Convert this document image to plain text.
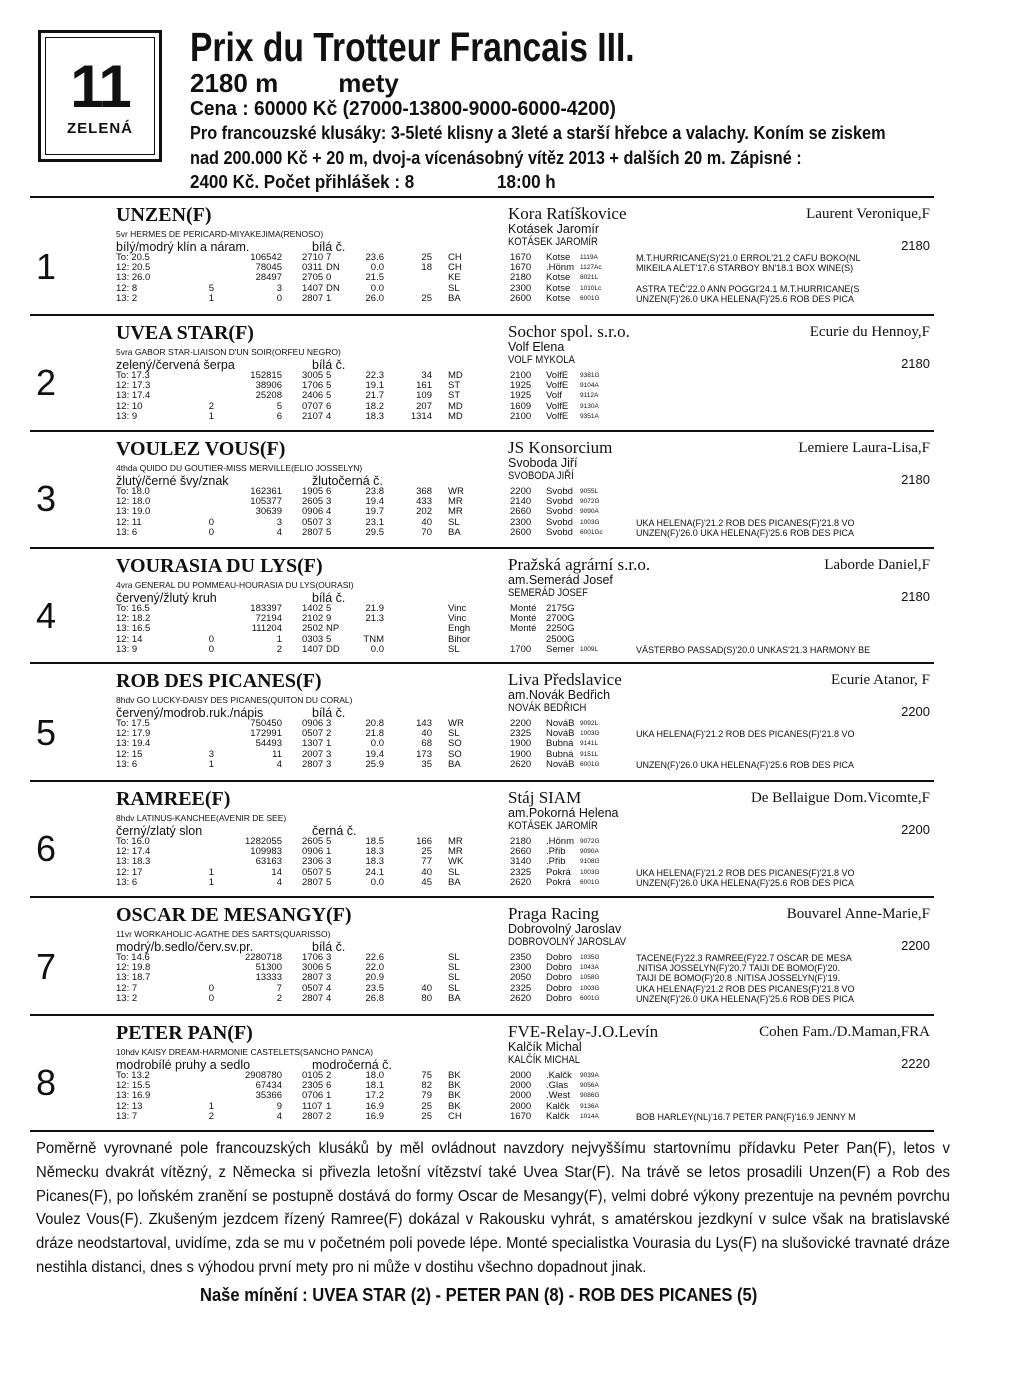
11
ZELENÁ
Prix du Trotteur Francais III.
2180 m mety
Cena : 60000 Kč (27000-13800-9000-6000-4200)
Pro francouzské klusáky: 3-5leté klisny a 3leté a starší hřebce a valachy. Koním se ziskem
nad 200.000 Kč + 20 m, dvoj-a vícenásobný vítěz 2013 + dalších 20 m. Zápisné :
2400 Kč. Počet přihlášek : 8	18:00 h
1
UNZEN(F)
5vr HERMES DE PERICARD-MIYAKEJIMA(RENOSO)
bílý/modrý klín a náram.	bílá č.
Kora Ratíškovice
Kotásek Jaromír
KOTÁSEK JAROMÍR
Laurent Veronique,F
2180
To: 20.5	106542 2710 7	23.6	25 CH	1670 Kotse 1119A	M.T.HURRICANE(S)'21.0 ERROL'21.2 CAFU BOKO(NL
12: 20.5	78045 0311 DN	0.0	18 CH	1670 .Hönm 1127Ac	MIKEILA ALET'17.6 STARBOY BN'18.1 BOX WINE(S)
13: 26.0	28497 2705 0	21.5	KE	2180 Kotse 8021L
12: 8	5	3 1407 DN	0.0	SL	2300 Kotse 1010Lc	ASTRA TEČ'22.0 ANN POGGI'24.1 M.T.HURRICANE(S
13: 2	1	0 2807 1	26.0	25 BA	2600 Kotse 6001G	UNZEN(F)'26.0 UKA HELENA(F)'25.6 ROB DES PICA
2
UVEA STAR(F)
5vra GABOR STAR-LIAISON D'UN SOIR(ORFEU NEGRO)
zelený/červená šerpa	bílá č.
Sochor spol. s.r.o.
Volf Elena
VOLF MYKOLA
Ecurie du Hennoy,F
2180
To: 17.3	152815 3005 5	22.3	34 MD	2100 VolfE 9381G
12: 17.3	38906 1706 5	19.1	161 ST	1925 VolfE 9104A
13: 17.4	25208 2406 5	21.7	109 ST	1925 Volf	9112A
12: 10	2	5 0707 6	18.2	207 MD	1609 VolfE 9130A
13: 9	1	6 2107 4	18.3	1314 MD	2100 VolfE 9351A
3
VOULEZ VOUS(F)
4thda QUIDO DU GOUTIER-MISS MERVILLE(ELIO JOSSELYN)
žlutý/černé švy/znak	žlutočerná č.
JS Konsorcium
Svoboda Jiří
SVOBODA JIŘÍ
Lemiere Laura-Lisa,F
2180
To: 18.0	162361 1905 6	23.8	368 WR	2200 Svobd 9055L
12: 18.0	105377 2605 3	19.4	433 MR	2140 Svobd 9072G
13: 19.0	30639 0906 4	19.7	202 MR	2660 Svobd 9090A
12: 11	0	3 0507 3	23.1	40 SL	2300 Svobd 1003G	UKA HELENA(F)'21.2 ROB DES PICANES(F)'21.8 VO
13: 6	0	4 2807 5	29.5	70 BA	2600 Svobd 6001Gc	UNZEN(F)'26.0 UKA HELENA(F)'25.6 ROB DES PICA
4
VOURASIA DU LYS(F)
4vra GENERAL DU POMMEAU-HOURASIA DU LYS(OURASI)
červený/žlutý kruh	bílá č.
Pražská agrární s.r.o.
am.Semerád Josef
SEMERÁD JOSEF
Laborde Daniel,F
2180
To: 16.5	183397 1402 5	21.9	Vinc	Monté 2175G
12: 18.2	72194 2102 9	21.3	Vinc	Monté 2700G
13: 16.5	111204 2502 NP	Engh	Monté 2250G
12: 14	0	1 0303 5	TNM	Bihor	2500G
13: 9	0	2 1407 DD	0.0	SL	1700 Semer 1009L	VÄSTERBO PASSAD(S)'20.0 UNKAS'21.3 HARMONY BE
5
ROB DES PICANES(F)
8hdv GO LUCKY-DAISY DES PICANES(QUITON DU CORAL)
červený/modrob.ruk./nápis	bílá č.
Liva Předslavice
am.Novák Bedřich
NOVÁK BEDŘICH
Ecurie Atanor, F
2200
To: 17.5	750450 0906 3	20.8	143 WR	2200 NováB 9092L
12: 17.9	172991 0507 2	21.8	40 SL	2325 NováB 1003G	UKA HELENA(F)'21.2 ROB DES PICANES(F)'21.8 VO
13: 19.4	54493 1307 1	0.0	68 SO	1900 Bubná 9141L
12: 15	3	11 2007 3	19.4	173 SO	1900 Bubná 9151L
13: 6	1	4 2807 3	25.9	35 BA	2620 NováB 6001G	UNZEN(F)'26.0 UKA HELENA(F)'25.6 ROB DES PICA
6
RAMREE(F)
8hdv LATINUS-KANCHEE(AVENIR DE SEE)
černý/zlatý slon	černá č.
Stáj SIAM
am.Pokorná Helena
KOTÁSEK JAROMÍR
De Bellaigue Dom.Vicomte,F
2200
To: 16.0	1282055 2605 5	18.5	166 MR	2180 .Hönm 9072G
12: 17.4	109983 0906 1	18.3	25 MR	2660 .Přib 9090A
13: 18.3	63163 2306 3	18.3	77 WK	3140 .Přib 9108G
12: 17	1	14 0507 5	24.1	40 SL	2325 Pokrá 1003G	UKA HELENA(F)'21.2 ROB DES PICANES(F)'21.8 VO
13: 6	1	4 2807 5	0.0	45 BA	2620 Pokrá 6001G	UNZEN(F)'26.0 UKA HELENA(F)'25.6 ROB DES PICA
7
OSCAR DE MESANGY(F)
11vr WORKAHOLIC-AGATHE DES SARTS(QUARISSO)
modrý/b.sedlo/červ.sv.pr.	bílá č.
Praga Racing
Dobrovolný Jaroslav
DOBROVOLNÝ JAROSLAV
Bouvarel Anne-Marie,F
2200
To: 14.6	2280718 1706 3	22.6	SL	2350 Dobro 1035G	TACENE(F)'22.3 RAMREE(F)'22.7 OSCAR DE MESA
12: 19.8	51300 3006 5	22.0	SL	2300 Dobro 1043A	.NITISA JOSSELYN(F)'20.7 TAIJI DE BOMO(F)'20.
13: 18.7	13333 2807 3	20.9	SL	2050 Dobro 1058G	TAIJI DE BOMO(F)'20.8 .NITISA JOSSELYN(F)'19.
12: 7	0	7 0507 4	23.5	40 SL	2325 Dobro 1003G	UKA HELENA(F)'21.2 ROB DES PICANES(F)'21.8 VO
13: 2	0	2 2807 4	26.8	80 BA	2620 Dobro 6001G	UNZEN(F)'26.0 UKA HELENA(F)'25.6 ROB DES PICA
8
PETER PAN(F)
10hdv KAISY DREAM-HARMONIE CASTELETS(SANCHO PANCA)
modrobílé pruhy a sedlo	modročerná č.
FVE-Relay-J.O.Levín
Kalčík Michal
KALČÍK MICHAL
Cohen Fam./D.Maman,FRA
2220
To: 13.2	2908780 0105 2	18.0	75 BK	2000 .Kalčk 9039A
12: 15.5	67434 2305 6	18.1	82 BK	2000 .Glas 9056A
13: 16.9	35366 0706 1	17.2	79 BK	2000 .West 9086G
12: 13	1	9 1107 1	16.9	25 BK	2000 Kalčk 9136A
13: 7	2	4 2807 2	16.9	25 CH	1670 Kalčk 1014A	BOB HARLEY(NL)'16.7 PETER PAN(F)'16.9 JENNY M
Poměrně vyrovnané pole francouzských klusáků by měl ovládnout navzdory nejvyššímu startovnímu přídavku Peter Pan(F), letos v Německu dvakrát vítězný, z Německa si přivezla letošní vítězství také Uvea Star(F). Na trávě se letos prosadili Unzen(F) a Rob des Picanes(F), po loňském zranění se postupně dostává do formy Oscar de Mesangy(F), velmi dobré výkony prezentuje na pevném povrchu Voulez Vous(F). Zkušeným jezdcem řízený Ramree(F) dokázal v Rakousku vyhrát, s amatérskou jezdkyní v sulce však na bratislavské dráze neodstartoval, uvidíme, zda se mu v početném poli povede lépe. Monté specialistka Vourasia du Lys(F) na slušovické travnaté dráze nestihla distanci, dnes s výhodou první mety pro ni může v dostihu všechno dopadnout jinak.
Naše mínění : UVEA STAR (2) - PETER PAN (8) - ROB DES PICANES (5)
